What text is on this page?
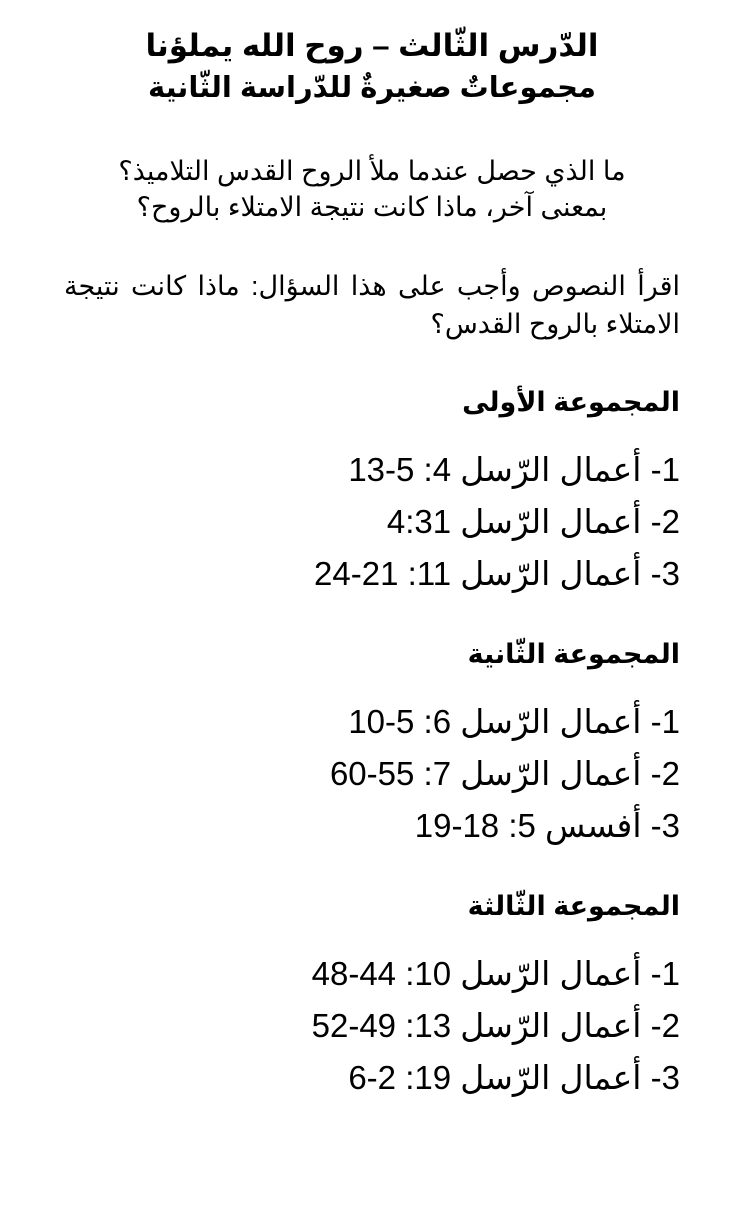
الدّرس الثّالث – روح الله يملؤنا
مجموعاتٌ صغيرةٌ للدّراسة الثّانية

ما الذي حصل عندما ملأ الروح القدس التلاميذ؟

بمعنى آخر، ماذا كانت نتيجة الامتلاء بالروح؟

اقرأ النصوص وأجب على هذا السؤال: ماذا كانت نتيجة الامتلاء بالروح القدس؟

المجموعة الأولى
1- أعمال الرّسل 4: 5-13
2- أعمال الرّسل 4:31
3- أعمال الرّسل 11: 21-24
المجموعة الثّانية
1- أعمال الرّسل 6: 5-10
2- أعمال الرّسل 7: 55-60
3- أفسس 5: 18-19
المجموعة الثّالثة
1- أعمال الرّسل 10: 44-48
2- أعمال الرّسل 13: 49-52
3- أعمال الرّسل 19: 2-6
